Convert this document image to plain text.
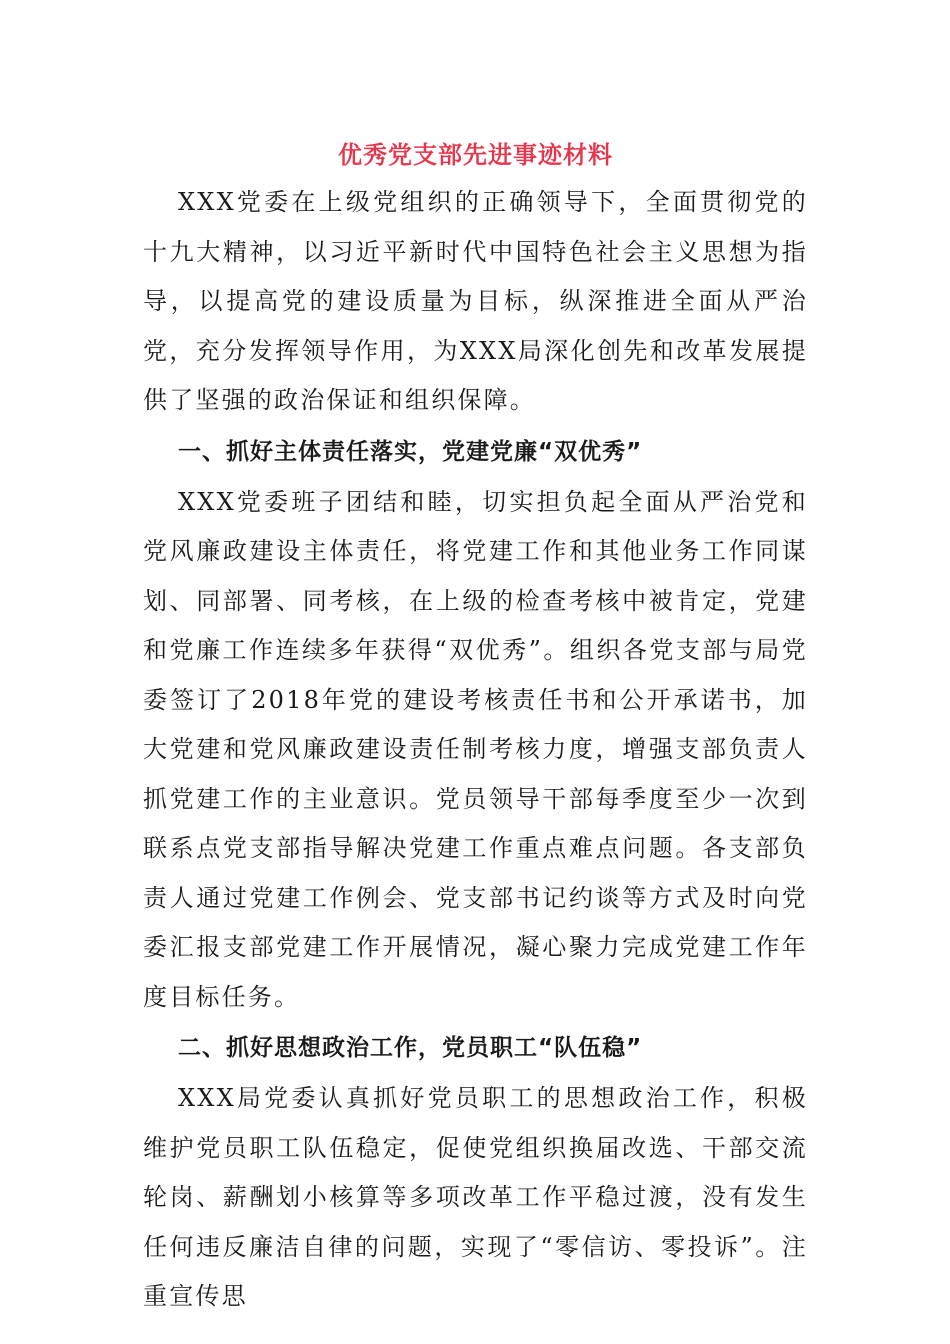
优秀党支部先进事迹材料

XXX党委在上级党组织的正确领导下，全面贯彻党的十九大精神，以习近平新时代中国特色社会主义思想为指导，以提高党的建设质量为目标，纵深推进全面从严治党，充分发挥领导作用，为XXX局深化创先和改革发展提供了坚强的政治保证和组织保障。

一、抓好主体责任落实，党建党廉“双优秀”

XXX党委班子团结和睦，切实担负起全面从严治党和党风廉政建设主体责任，将党建工作和其他业务工作同谋划、同部署、同考核，在上级的检查考核中被肯定，党建和党廉工作连续多年获得“双优秀”。组织各党支部与局党委签订了2018年党的建设考核责任书和公开承诺书，加大党建和党风廉政建设责任制考核力度，增强支部负责人抓党建工作的主业意识。党员领导干部每季度至少一次到联系点党支部指导解决党建工作重点难点问题。各支部负责人通过党建工作例会、党支部书记约谈等方式及时向党委汇报支部党建工作开展情况，凝心聚力完成党建工作年度目标任务。

二、抓好思想政治工作，党员职工“队伍稳”

XXX局党委认真抓好党员职工的思想政治工作，积极维护党员职工队伍稳定，促使党组织换届改选、干部交流轮岗、薪酬划小核算等多项改革工作平稳过渡，没有发生任何违反廉洁自律的问题，实现了“零信访、零投诉”。注重宣传思
